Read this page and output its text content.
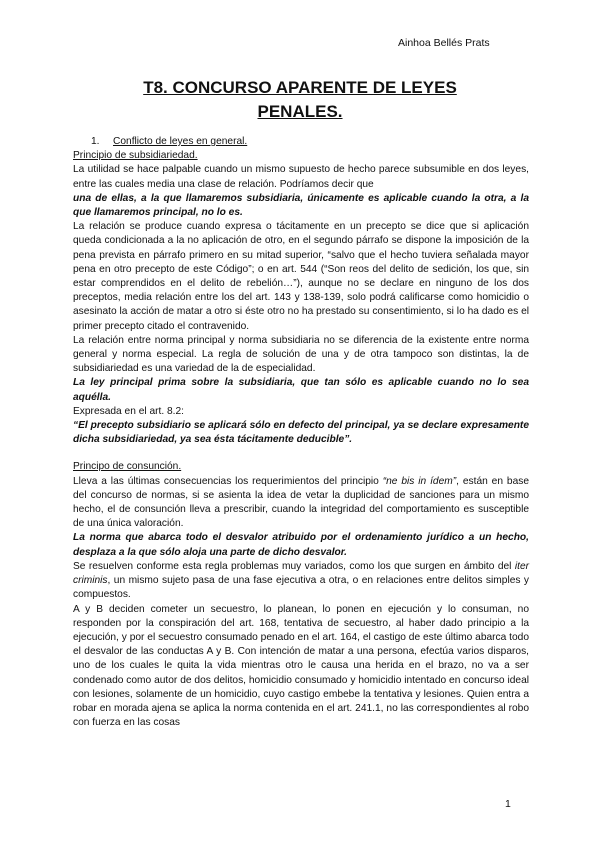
Ainhoa Bellés Prats
T8. CONCURSO APARENTE DE LEYES
PENALES.

1. Conflicto de leyes en general.

Principio de subsidiariedad.

La utilidad se hace palpable cuando un mismo supuesto de hecho parece subsumible en dos leyes, entre las cuales media una clase de relación. Podríamos decir que

una de ellas, a la que llamaremos subsidiaria, únicamente es aplicable cuando la otra, a la que llamaremos principal, no lo es.

La relación se produce cuando expresa o tácitamente en un precepto se dice que si aplicación queda condicionada a la no aplicación de otro, en el segundo párrafo se dispone la imposición de la pena prevista en párrafo primero en su mitad superior, “salvo que el hecho tuviera señalada mayor pena en otro precepto de este Código”; o en art. 544 (“Son reos del delito de sedición, los que, sin estar comprendidos en el delito de rebelión…”), aunque no se declare en ninguno de los dos preceptos, media relación entre los del art. 143 y 138-139, solo podrá calificarse como homicidio o asesinato la acción de matar a otro si éste otro no ha prestado su consentimiento, si lo ha dado es el primer precepto citado el contravenido.

La relación entre norma principal y norma subsidiaria no se diferencia de la existente entre norma general y norma especial. La regla de solución de una y de otra tampoco son distintas, la de subsidiariedad es una variedad de la de especialidad.

La ley principal prima sobre la subsidiaria, que tan sólo es aplicable cuando no lo sea aquélla.

Expresada en el art. 8.2:

“El precepto subsidiario se aplicará sólo en defecto del principal, ya se declare expresamente dicha subsidiariedad, ya sea ésta tácitamente deducible”.

Principo de consunción.

Lleva a las últimas consecuencias los requerimientos del principio “ne bis in ídem”, están en base del concurso de normas, si se asienta la idea de vetar la duplicidad de sanciones para un mismo hecho, el de consunción lleva a prescribir, cuando la integridad del comportamiento es susceptible de una única valoración.

La norma que abarca todo el desvalor atribuido por el ordenamiento jurídico a un hecho, desplaza a la que sólo aloja una parte de dicho desvalor.

Se resuelven conforme esta regla problemas muy variados, como los que surgen en ámbito del iter criminis, un mismo sujeto pasa de una fase ejecutiva a otra, o en relaciones entre delitos simples y compuestos.

A y B deciden cometer un secuestro, lo planean, lo ponen en ejecución y lo consuman, no responden por la conspiración del art. 168, tentativa de secuestro, al haber dado principio a la ejecución, y por el secuestro consumado penado en el art. 164, el castigo de este último abarca todo el desvalor de las conductas A y B. Con intención de matar a una persona, efectúa varios disparos, uno de los cuales le quita la vida mientras otro le causa una herida en el brazo, no va a ser condenado como autor de dos delitos, homicidio consumado y homicidio intentado en concurso ideal con lesiones, solamente de un homicidio, cuyo castigo embebe la tentativa y lesiones. Quien entra a robar en morada ajena se aplica la norma contenida en el art. 241.1, no las correspondientes al robo con fuerza en las cosas

1
